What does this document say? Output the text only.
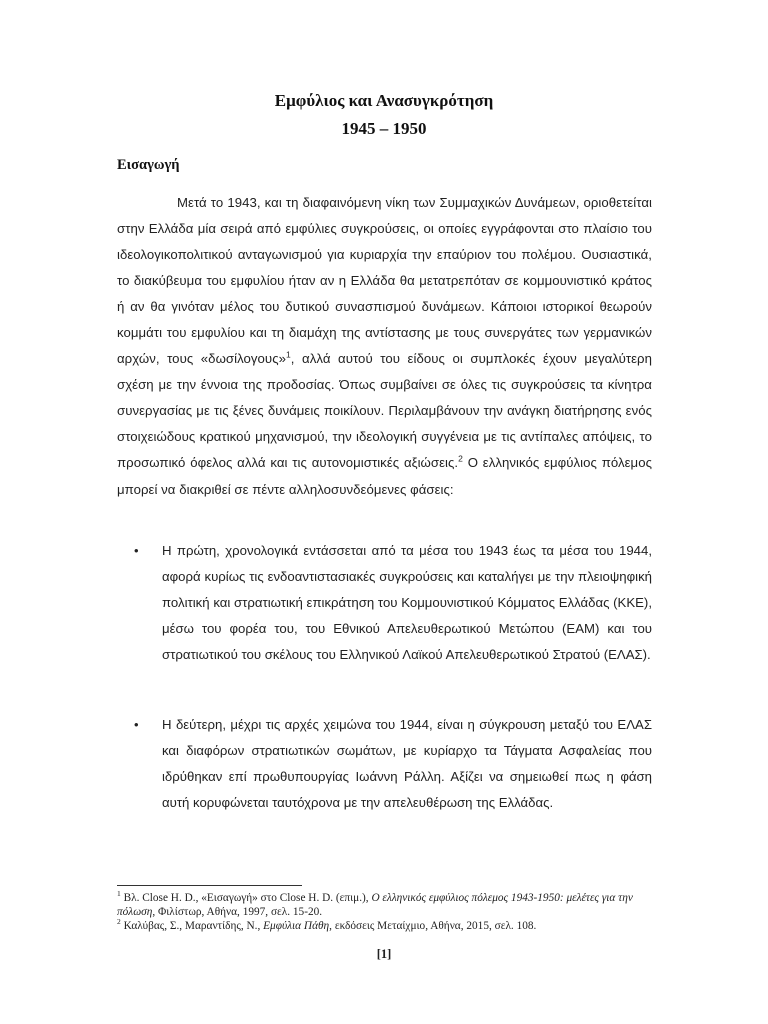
Εμφύλιος και Ανασυγκρότηση
1945 – 1950
Εισαγωγή

Μετά το 1943, και τη διαφαινόμενη νίκη των Συμμαχικών Δυνάμεων, οριοθετείται στην Ελλάδα μία σειρά από εμφύλιες συγκρούσεις, οι οποίες εγγράφονται στο πλαίσιο του ιδεολογικοπολιτικού ανταγωνισμού για κυριαρχία την επαύριον του πολέμου. Ουσιαστικά, το διακύβευμα του εμφυλίου ήταν αν η Ελλάδα θα μετατρεπόταν σε κομμουνιστικό κράτος ή αν θα γινόταν μέλος του δυτικού συνασπισμού δυνάμεων. Κάποιοι ιστορικοί θεωρούν κομμάτι του εμφυλίου και τη διαμάχη της αντίστασης με τους συνεργάτες των γερμανικών αρχών, τους «δωσίλογους»$^1$, αλλά αυτού του είδους οι συμπλοκές έχουν μεγαλύτερη σχέση με την έννοια της προδοσίας. Όπως συμβαίνει σε όλες τις συγκρούσεις τα κίνητρα συνεργασίας με τις ξένες δυνάμεις ποικίλουν. Περιλαμβάνουν την ανάγκη διατήρησης ενός στοιχειώδους κρατικού μηχανισμού, την ιδεολογική συγγένεια με τις αντίπαλες απόψεις, το προσωπικό όφελος αλλά και τις αυτονομιστικές αξιώσεις.$^2$ Ο ελληνικός εμφύλιος πόλεμος μπορεί να διακριθεί σε πέντε αλληλοσυνδεόμενες φάσεις:

• Η πρώτη, χρονολογικά εντάσσεται από τα μέσα του 1943 έως τα μέσα του 1944, αφορά κυρίως τις ενδοαντιστασιακές συγκρούσεις και καταλήγει με την πλειοψηφική πολιτική και στρατιωτική επικράτηση του Κομμουνιστικού Κόμματος Ελλάδας (ΚΚΕ), μέσω του φορέα του, του Εθνικού Απελευθερωτικού Μετώπου (ΕΑΜ) και του στρατιωτικού του σκέλους του Ελληνικού Λαϊκού Απελευθερωτικού Στρατού (ΕΛΑΣ).
• Η δεύτερη, μέχρι τις αρχές χειμώνα του 1944, είναι η σύγκρουση μεταξύ του ΕΛΑΣ και διαφόρων στρατιωτικών σωμάτων, με κυρίαρχο τα Τάγματα Ασφαλείας που ιδρύθηκαν επί πρωθυπουργίας Ιωάννη Ράλλη. Αξίζει να σημειωθεί πως η φάση αυτή κορυφώνεται ταυτόχρονα με την απελευθέρωση της Ελλάδας.

$^1$ Βλ. Close H. D., «Εισαγωγή» στο Close H. D. (επιμ.), Ο ελληνικός εμφύλιος πόλεμος 1943-1950: μελέτες για την πόλωση, Φιλίστωρ, Αθήνα, 1997, σελ. 15-20.

$^2$ Καλύβας, Σ., Μαραντίδης, Ν., Εμφύλια Πάθη, εκδόσεις Μεταίχμιο, Αθήνα, 2015, σελ. 108.

[1]
